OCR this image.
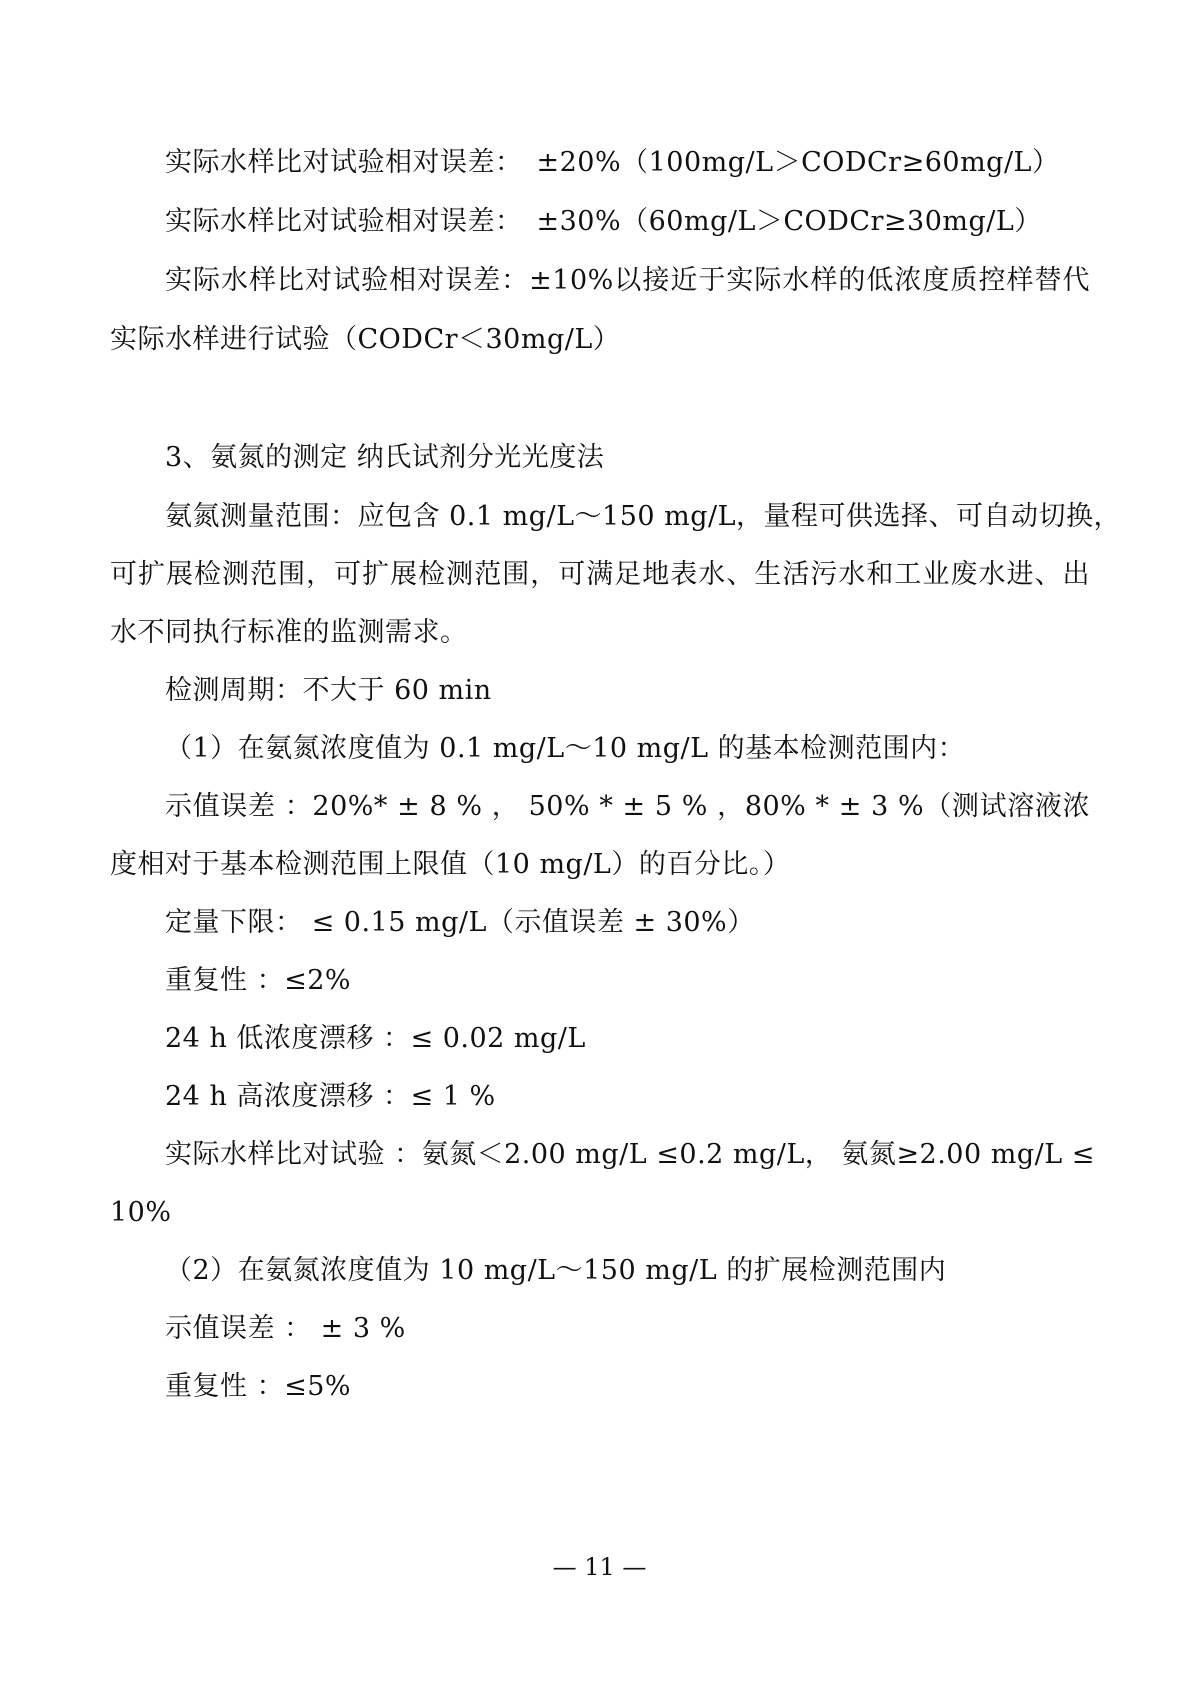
实际水样比对试验相对误差：　±20%（100mg/L＞CODCr≥60mg/L）
实际水样比对试验相对误差：　±30%（60mg/L＞CODCr≥30mg/L）
实际水样比对试验相对误差：±10%以接近于实际水样的低浓度质控样替代
实际水样进行试验（CODCr＜30mg/L）
3、氨氮的测定 纳氏试剂分光光度法
氨氮测量范围：应包含 0.1 mg/L～150 mg/L，量程可供选择、可自动切换，
可扩展检测范围，可扩展检测范围，可满足地表水、生活污水和工业废水进、出
水不同执行标准的监测需求。
检测周期：不大于 60 min
（1）在氨氮浓度值为 0.1 mg/L～10 mg/L 的基本检测范围内：
示值误差 ：20%* ± 8 % ， 50% * ± 5 % ，80% * ± 3 %（测试溶液浓
度相对于基本检测范围上限值（10 mg/L）的百分比。）
定量下限： ≤ 0.15 mg/L（示值误差 ± 30%）
重复性 ：≤2%
24 h 低浓度漂移 ：≤ 0.02 mg/L
24 h 高浓度漂移 ：≤ 1 %
实际水样比对试验 ：氨氮＜2.00 mg/L ≤0.2 mg/L， 氨氮≥2.00 mg/L ≤
10%
（2）在氨氮浓度值为 10 mg/L～150 mg/L 的扩展检测范围内
示值误差 ： ± 3 %
重复性 ：≤5%
— 11 —
